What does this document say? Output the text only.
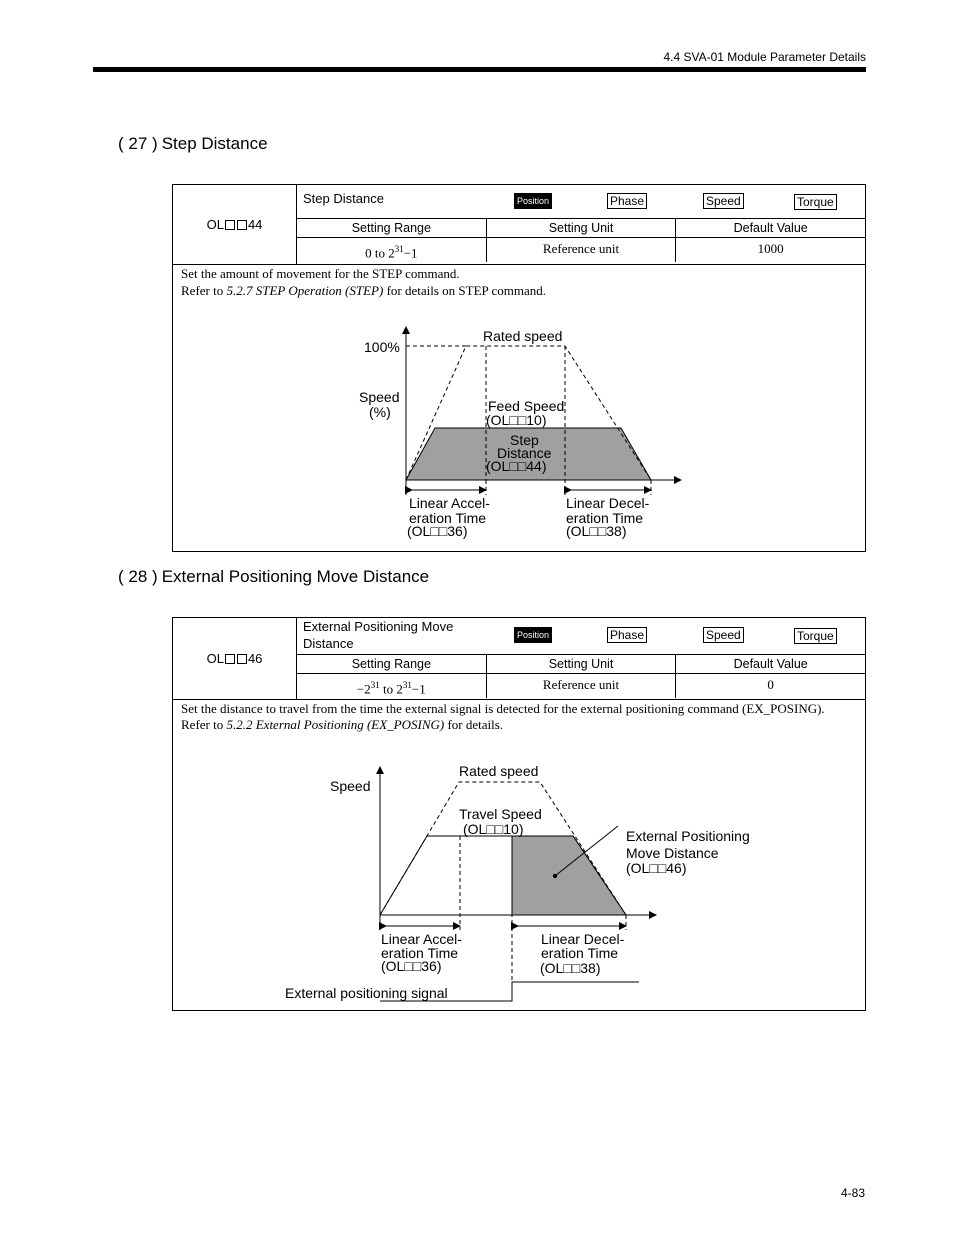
4.4 SVA-01 Module Parameter Details
( 27 ) Step Distance
OL 44
Step Distance	Position	Phase	Speed	Torque
Setting Range	Setting Unit	Default Value
0 to $2^{31}-1$	Reference unit	1000

Set the amount of movement for the STEP command.

Refer to 5.2.7 STEP Operation (STEP) for details on STEP command.

Rated speed
100%
Speed
(%)	Feed Speed
(OL□□10)
Step
Distance
(OL□□44)
Linear Accel-
eration Time
(OL□□36)
Linear Decel-
eration Time
(OL□□38)
( 28 ) External Positioning Move Distance
OL 46
External Positioning Move
Distance
Position	Phase	Speed	Torque
Setting Range	Setting Unit	Default Value
$-2^{31}$ to $2^{31}-1$	Reference unit	0

Set the distance to travel from the time the external signal is detected for the external positioning command (EX_POSING).

Refer to 5.2.2 External Positioning (EX_POSING) for details.

Speed
Rated speed
Travel Speed
(OL□□10)	External Positioning
Move Distance
(OL□□46)
Linear Accel-
eration Time
(OL□□36)
Linear Decel-
eration Time
(OL□□38)
External positioning signal
4-83
